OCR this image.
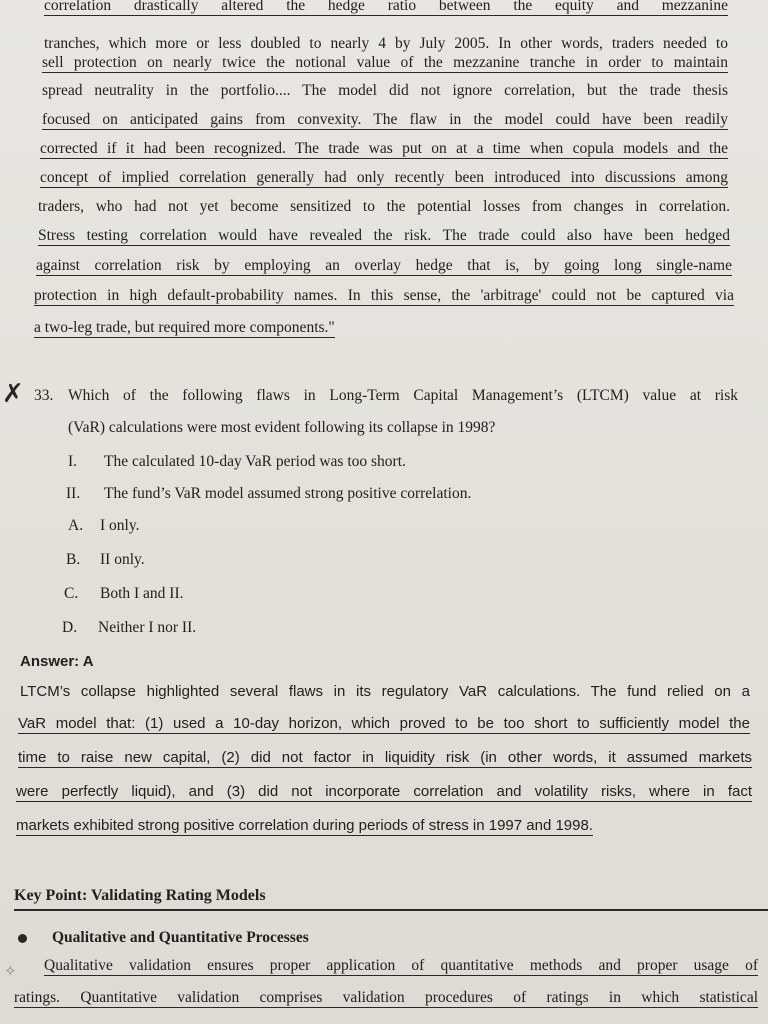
correlation drastically altered the hedge ratio between the equity and mezzanine
tranches, which more or less doubled to nearly 4 by July 2005. In other words, traders needed to
sell protection on nearly twice the notional value of the mezzanine tranche in order to maintain
spread neutrality in the portfolio.... The model did not ignore correlation, but the trade thesis
focused on anticipated gains from convexity. The flaw in the model could have been readily
corrected if it had been recognized. The trade was put on at a time when copula models and the
concept of implied correlation generally had only recently been introduced into discussions among
traders, who had not yet become sensitized to the potential losses from changes in correlation.
Stress testing correlation would have revealed the risk. The trade could also have been hedged
against correlation risk by employing an overlay hedge that is, by going long single-name
protection in high default-probability names. In this sense, the 'arbitrage' could not be captured via
a two-leg trade, but required more components."
✗ 33. Which of the following flaws in Long-Term Capital Management’s (LTCM) value at risk
(VaR) calculations were most evident following its collapse in 1998?
I. The calculated 10-day VaR period was too short.
II. The fund’s VaR model assumed strong positive correlation.
A. I only.
B. II only.
C. Both I and II.
D. Neither I nor II.
Answer: A
LTCM’s collapse highlighted several flaws in its regulatory VaR calculations. The fund relied on a
VaR model that: (1) used a 10-day horizon, which proved to be too short to sufficiently model the
time to raise new capital, (2) did not factor in liquidity risk (in other words, it assumed markets
were perfectly liquid), and (3) did not incorporate correlation and volatility risks, where in fact
markets exhibited strong positive correlation during periods of stress in 1997 and 1998.
Key Point: Validating Rating Models
Qualitative and Quantitative Processes
✧ Qualitative validation ensures proper application of quantitative methods and proper usage of
ratings. Quantitative validation comprises validation procedures of ratings in which statistical
